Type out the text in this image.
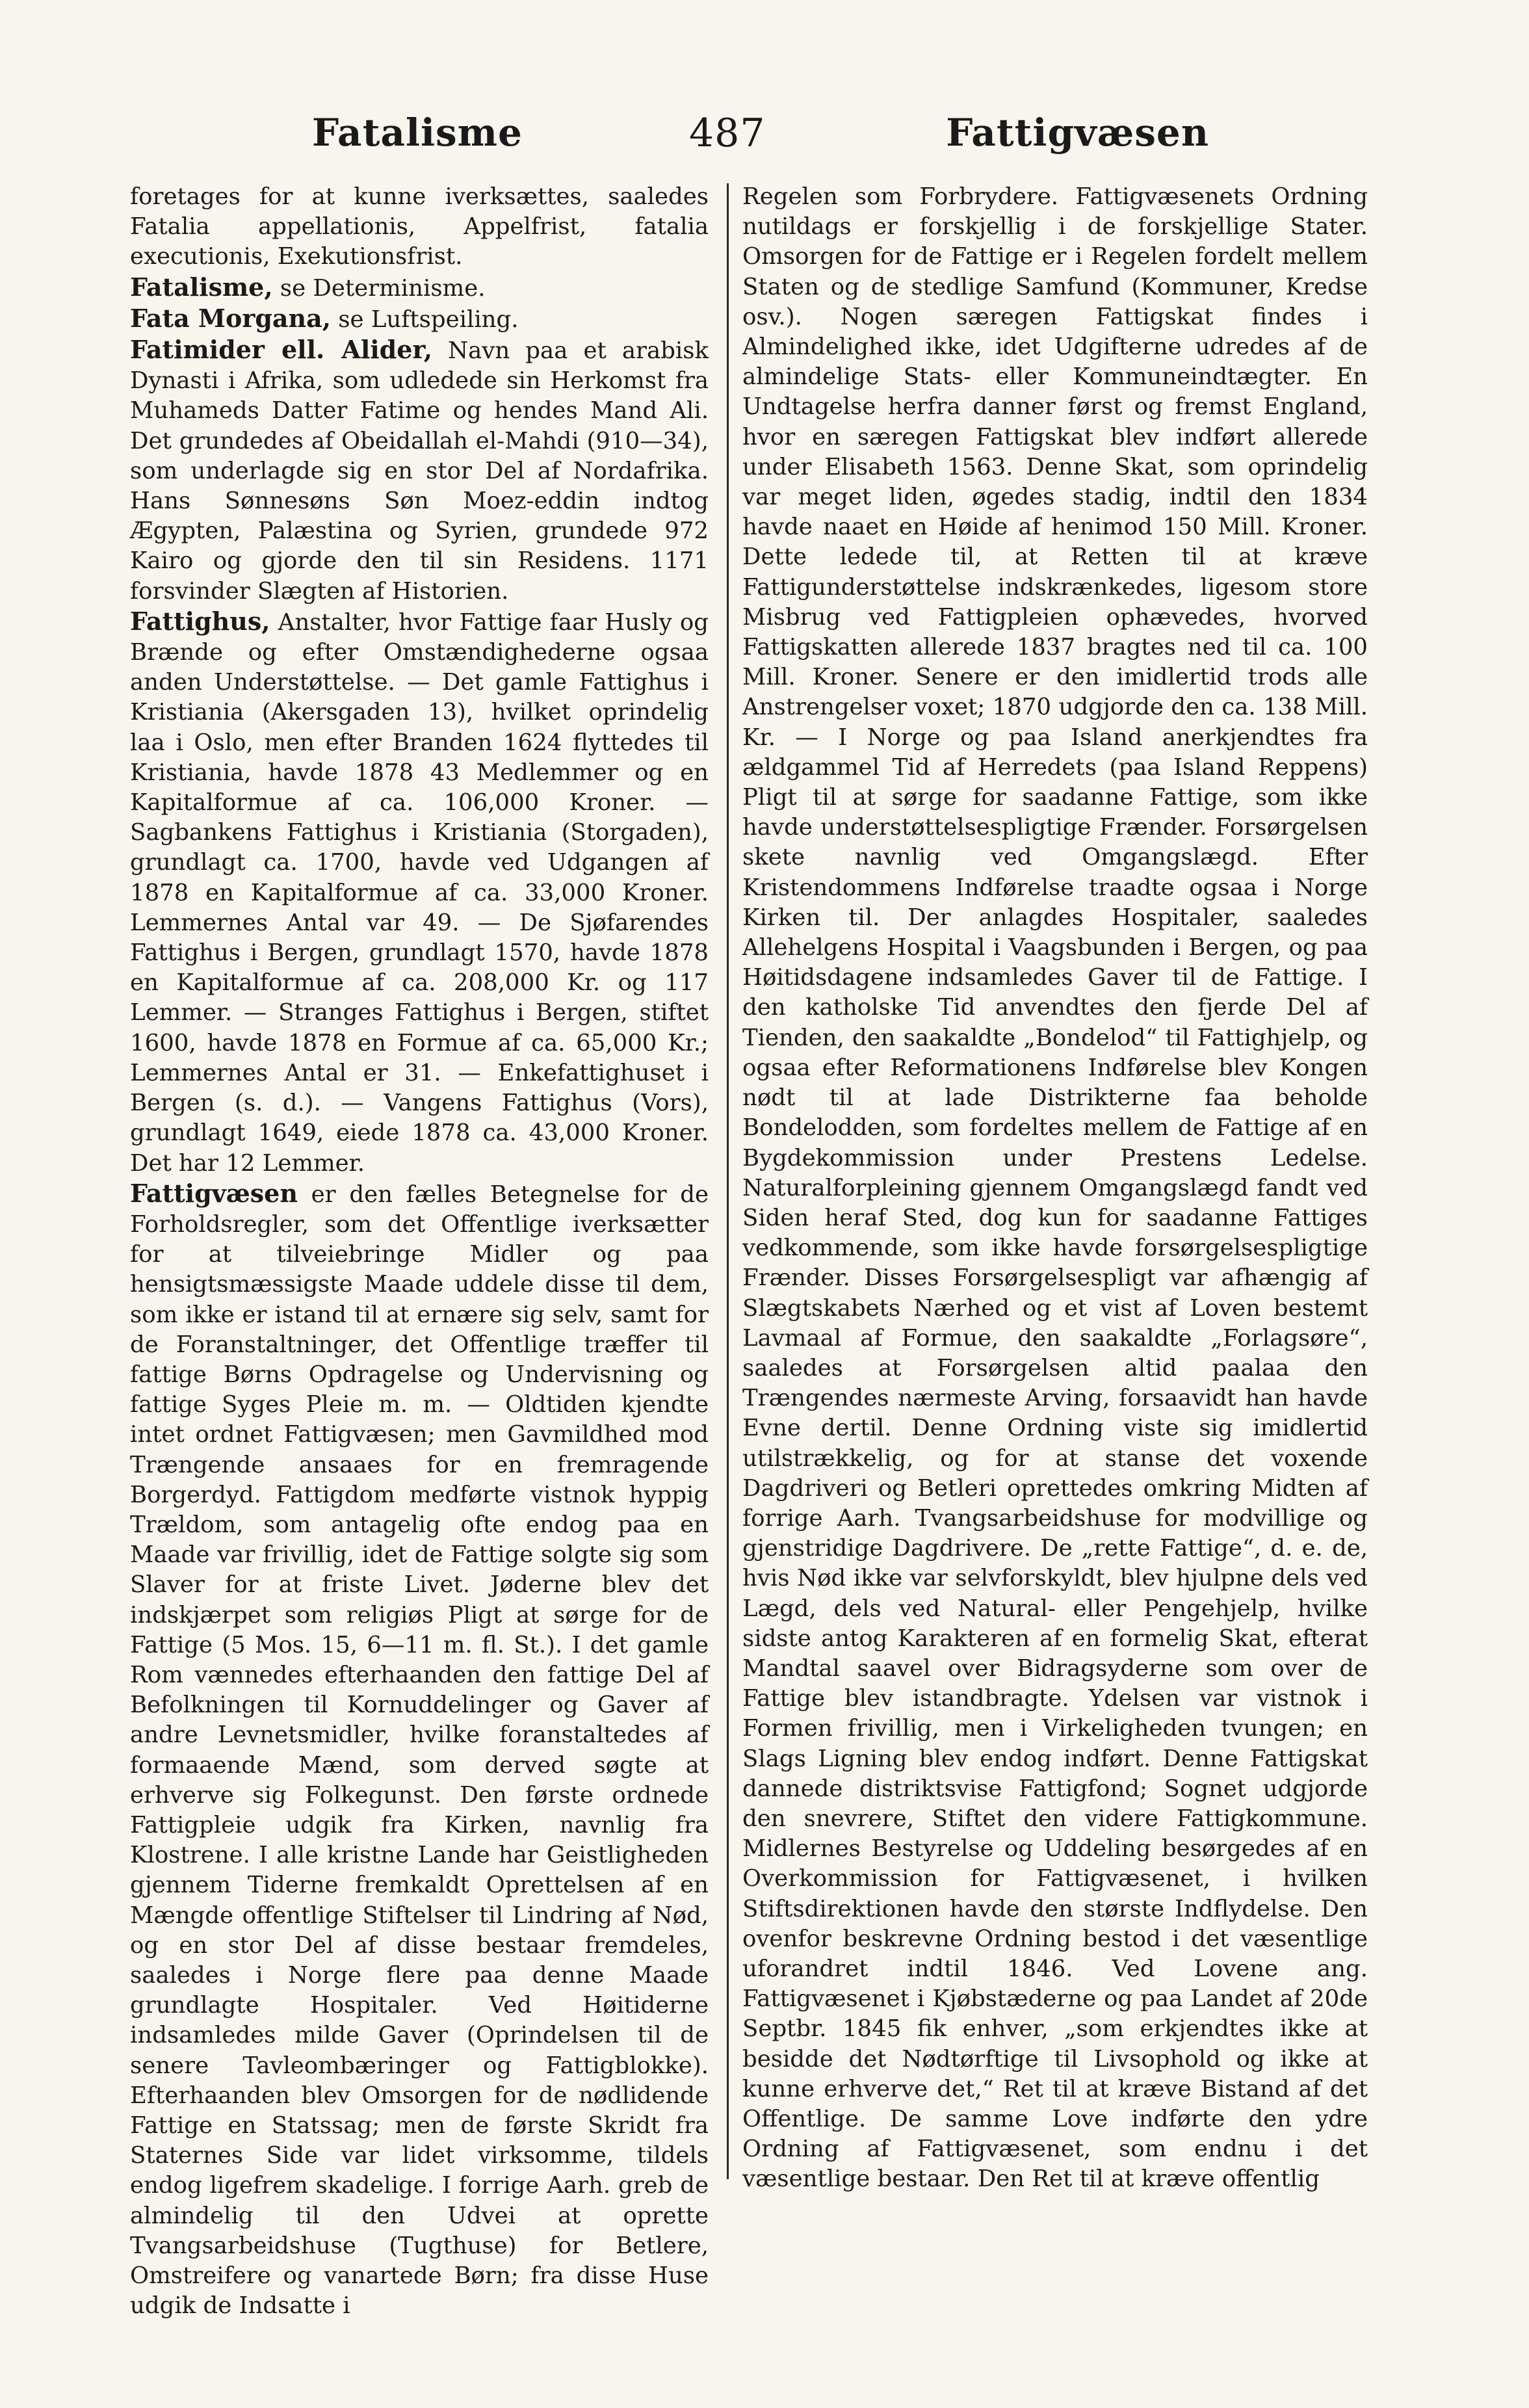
Fatalisme	487	Fattigvæsen

foretages for at kunne iverksættes, saaledes Fatalia appellationis, Appelfrist, fatalia executionis, Exekutionsfrist.

Fatalisme, se Determinisme.

Fata Morgana, se Luftspeiling.

Fatimider ell. Alider, Navn paa et arabisk Dynasti i Afrika, som udledede sin Herkomst fra Muhameds Datter Fatime og hendes Mand Ali. Det grundedes af Obeidallah el-Mahdi (910—34), som underlagde sig en stor Del af Nordafrika. Hans Sønnesøns Søn Moez-eddin indtog Ægypten, Palæstina og Syrien, grundede 972 Kairo og gjorde den til sin Residens. 1171 forsvinder Slægten af Historien.

Fattighus, Anstalter, hvor Fattige faar Husly og Brænde og efter Omstændighederne ogsaa anden Understøttelse. — Det gamle Fattighus i Kristiania (Akersgaden 13), hvilket oprindelig laa i Oslo, men efter Branden 1624 flyttedes til Kristiania, havde 1878 43 Medlemmer og en Kapitalformue af ca. 106,000 Kroner. — Sagbankens Fattighus i Kristiania (Storgaden), grundlagt ca. 1700, havde ved Udgangen af 1878 en Kapitalformue af ca. 33,000 Kroner. Lemmernes Antal var 49. — De Sjøfarendes Fattighus i Bergen, grundlagt 1570, havde 1878 en Kapitalformue af ca. 208,000 Kr. og 117 Lemmer. — Stranges Fattighus i Bergen, stiftet 1600, havde 1878 en Formue af ca. 65,000 Kr.; Lemmernes Antal er 31. — Enkefattighuset i Bergen (s. d.). — Vangens Fattighus (Vors), grundlagt 1649, eiede 1878 ca. 43,000 Kroner. Det har 12 Lemmer.

Fattigvæsen er den fælles Betegnelse for de Forholdsregler, som det Offentlige iverksætter for at tilveiebringe Midler og paa hensigtsmæssigste Maade uddele disse til dem, som ikke er istand til at ernære sig selv, samt for de Foranstaltninger, det Offentlige træffer til fattige Børns Opdragelse og Undervisning og fattige Syges Pleie m. m. — Oldtiden kjendte intet ordnet Fattigvæsen; men Gavmildhed mod Trængende ansaaes for en fremragende Borgerdyd. Fattigdom medførte vistnok hyppig Trældom, som antagelig ofte endog paa en Maade var frivillig, idet de Fattige solgte sig som Slaver for at friste Livet. Jøderne blev det indskjærpet som religiøs Pligt at sørge for de Fattige (5 Mos. 15, 6—11 m. fl. St.). I det gamle Rom vænnedes efterhaanden den fattige Del af Befolkningen til Kornuddelinger og Gaver af andre Levnetsmidler, hvilke foranstaltedes af formaaende Mænd, som derved søgte at erhverve sig Folkegunst. Den første ordnede Fattigpleie udgik fra Kirken, navnlig fra Klostrene. I alle kristne Lande har Geistligheden gjennem Tiderne fremkaldt Oprettelsen af en Mængde offentlige Stiftelser til Lindring af Nød, og en stor Del af disse bestaar fremdeles, saaledes i Norge flere paa denne Maade grundlagte Hospitaler. Ved Høitiderne indsamledes milde Gaver (Oprindelsen til de senere Tavleombæringer og Fattigblokke). Efterhaanden blev Omsorgen for de nødlidende Fattige en Statssag; men de første Skridt fra Staternes Side var lidet virksomme, tildels endog ligefrem skadelige. I forrige Aarh. greb de almindelig til den Udvei at oprette Tvangsarbeidshuse (Tugthuse) for Betlere, Omstreifere og vanartede Børn; fra disse Huse udgik de Indsatte i

Regelen som Forbrydere. Fattigvæsenets Ordning nutildags er forskjellig i de forskjellige Stater. Omsorgen for de Fattige er i Regelen fordelt mellem Staten og de stedlige Samfund (Kommuner, Kredse osv.). Nogen særegen Fattigskat findes i Almindelighed ikke, idet Udgifterne udredes af de almindelige Stats- eller Kommuneindtægter. En Undtagelse herfra danner først og fremst England, hvor en særegen Fattigskat blev indført allerede under Elisabeth 1563. Denne Skat, som oprindelig var meget liden, øgedes stadig, indtil den 1834 havde naaet en Høide af henimod 150 Mill. Kroner. Dette ledede til, at Retten til at kræve Fattigunderstøttelse indskrænkedes, ligesom store Misbrug ved Fattigpleien ophævedes, hvorved Fattigskatten allerede 1837 bragtes ned til ca. 100 Mill. Kroner. Senere er den imidlertid trods alle Anstrengelser voxet; 1870 udgjorde den ca. 138 Mill. Kr. — I Norge og paa Island anerkjendtes fra ældgammel Tid af Herredets (paa Island Reppens) Pligt til at sørge for saadanne Fattige, som ikke havde understøttelsespligtige Frænder. Forsørgelsen skete navnlig ved Omgangslægd. Efter Kristendommens Indførelse traadte ogsaa i Norge Kirken til. Der anlagdes Hospitaler, saaledes Allehelgens Hospital i Vaagsbunden i Bergen, og paa Høitidsdagene indsamledes Gaver til de Fattige. I den katholske Tid anvendtes den fjerde Del af Tienden, den saakaldte „Bondelod“ til Fattighjelp, og ogsaa efter Reformationens Indførelse blev Kongen nødt til at lade Distrikterne faa beholde Bondelodden, som fordeltes mellem de Fattige af en Bygdekommission under Prestens Ledelse. Naturalforpleining gjennem Omgangslægd fandt ved Siden heraf Sted, dog kun for saadanne Fattiges vedkommende, som ikke havde forsørgelsespligtige Frænder. Disses Forsørgelsespligt var afhængig af Slægtskabets Nærhed og et vist af Loven bestemt Lavmaal af Formue, den saakaldte „Forlagsøre“, saaledes at Forsørgelsen altid paalaa den Trængendes nærmeste Arving, forsaavidt han havde Evne dertil. Denne Ordning viste sig imidlertid utilstrækkelig, og for at stanse det voxende Dagdriveri og Betleri oprettedes omkring Midten af forrige Aarh. Tvangsarbeidshuse for modvillige og gjenstridige Dagdrivere. De „rette Fattige“, d. e. de, hvis Nød ikke var selvforskyldt, blev hjulpne dels ved Lægd, dels ved Natural- eller Pengehjelp, hvilke sidste antog Karakteren af en formelig Skat, efterat Mandtal saavel over Bidragsyderne som over de Fattige blev istandbragte. Ydelsen var vistnok i Formen frivillig, men i Virkeligheden tvungen; en Slags Ligning blev endog indført. Denne Fattigskat dannede distriktsvise Fattigfond; Sognet udgjorde den snevrere, Stiftet den videre Fattigkommune. Midlernes Bestyrelse og Uddeling besørgedes af en Overkommission for Fattigvæsenet, i hvilken Stiftsdirektionen havde den største Indflydelse. Den ovenfor beskrevne Ordning bestod i det væsentlige uforandret indtil 1846. Ved Lovene ang. Fattigvæsenet i Kjøbstæderne og paa Landet af 20de Septbr. 1845 fik enhver, „som erkjendtes ikke at besidde det Nødtørftige til Livsophold og ikke at kunne erhverve det,“ Ret til at kræve Bistand af det Offentlige. De samme Love indførte den ydre Ordning af Fattigvæsenet, som endnu i det væsentlige bestaar. Den Ret til at kræve offentlig
